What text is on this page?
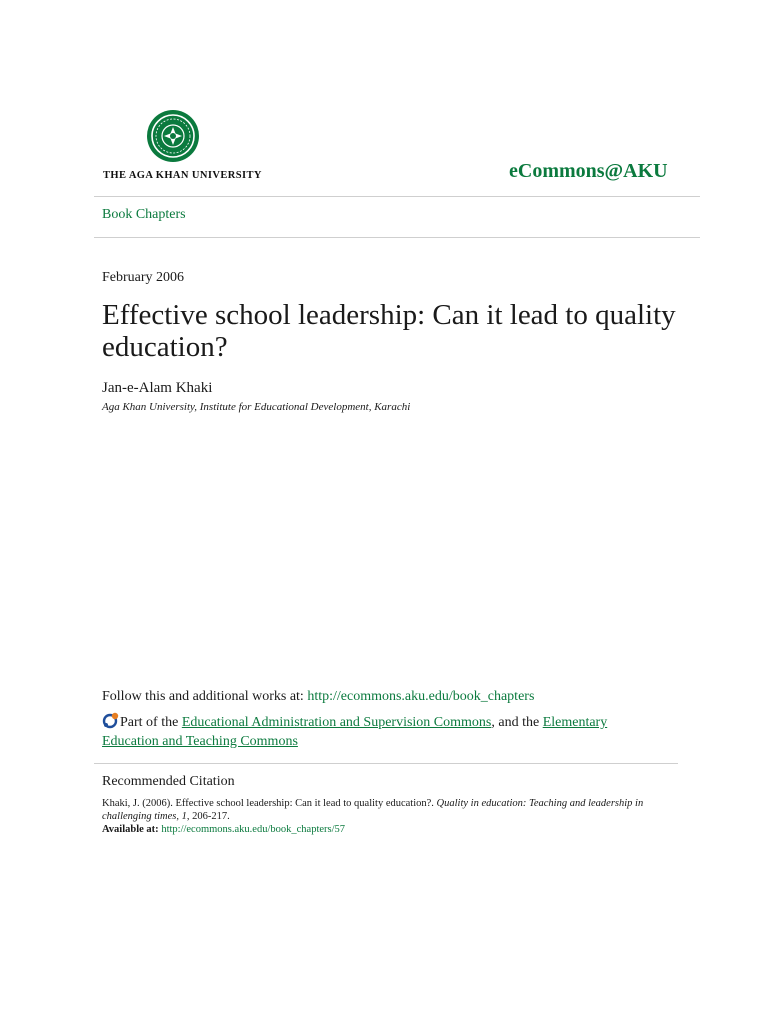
THE AGA KHAN UNIVERSITY	eCommons@AKU
Book Chapters
February 2006
Effective school leadership: Can it lead to quality education?
Jan-e-Alam Khaki
Aga Khan University, Institute for Educational Development, Karachi
Follow this and additional works at: http://ecommons.aku.edu/book_chapters
Part of the Educational Administration and Supervision Commons, and the Elementary Education and Teaching Commons
Recommended Citation
Khaki, J. (2006). Effective school leadership: Can it lead to quality education?. Quality in education: Teaching and leadership in challenging times, 1, 206-217.
Available at: http://ecommons.aku.edu/book_chapters/57
